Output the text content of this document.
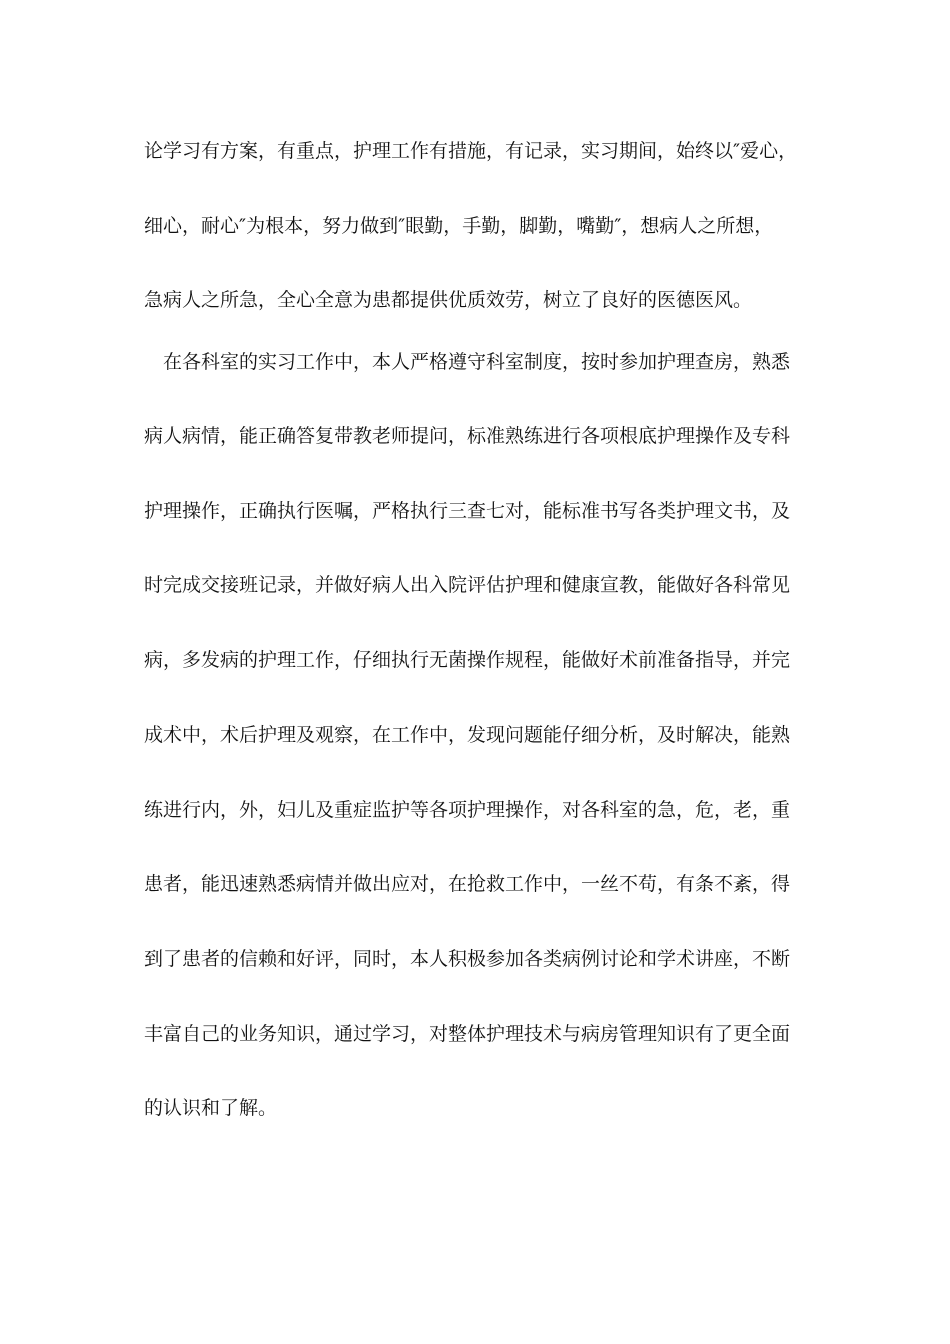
论学习有方案，有重点，护理工作有措施，有记录，实习期间，始终以″爱心，
细心，耐心″为根本，努力做到″眼勤，手勤，脚勤，嘴勤″，想病人之所想，
急病人之所急，全心全意为患都提供优质效劳，树立了良好的医德医风。
在各科室的实习工作中，本人严格遵守科室制度，按时参加护理查房，熟悉
病人病情，能正确答复带教老师提问，标准熟练进行各项根底护理操作及专科
护理操作，正确执行医嘱，严格执行三查七对，能标准书写各类护理文书，及
时完成交接班记录，并做好病人出入院评估护理和健康宣教，能做好各科常见
病，多发病的护理工作，仔细执行无菌操作规程，能做好术前准备指导，并完
成术中，术后护理及观察，在工作中，发现问题能仔细分析，及时解决，能熟
练进行内，外，妇儿及重症监护等各项护理操作，对各科室的急，危，老，重
患者，能迅速熟悉病情并做出应对，在抢救工作中，一丝不苟，有条不紊，得
到了患者的信赖和好评，同时，本人积极参加各类病例讨论和学术讲座，不断
丰富自己的业务知识，通过学习，对整体护理技术与病房管理知识有了更全面
的认识和了解。
